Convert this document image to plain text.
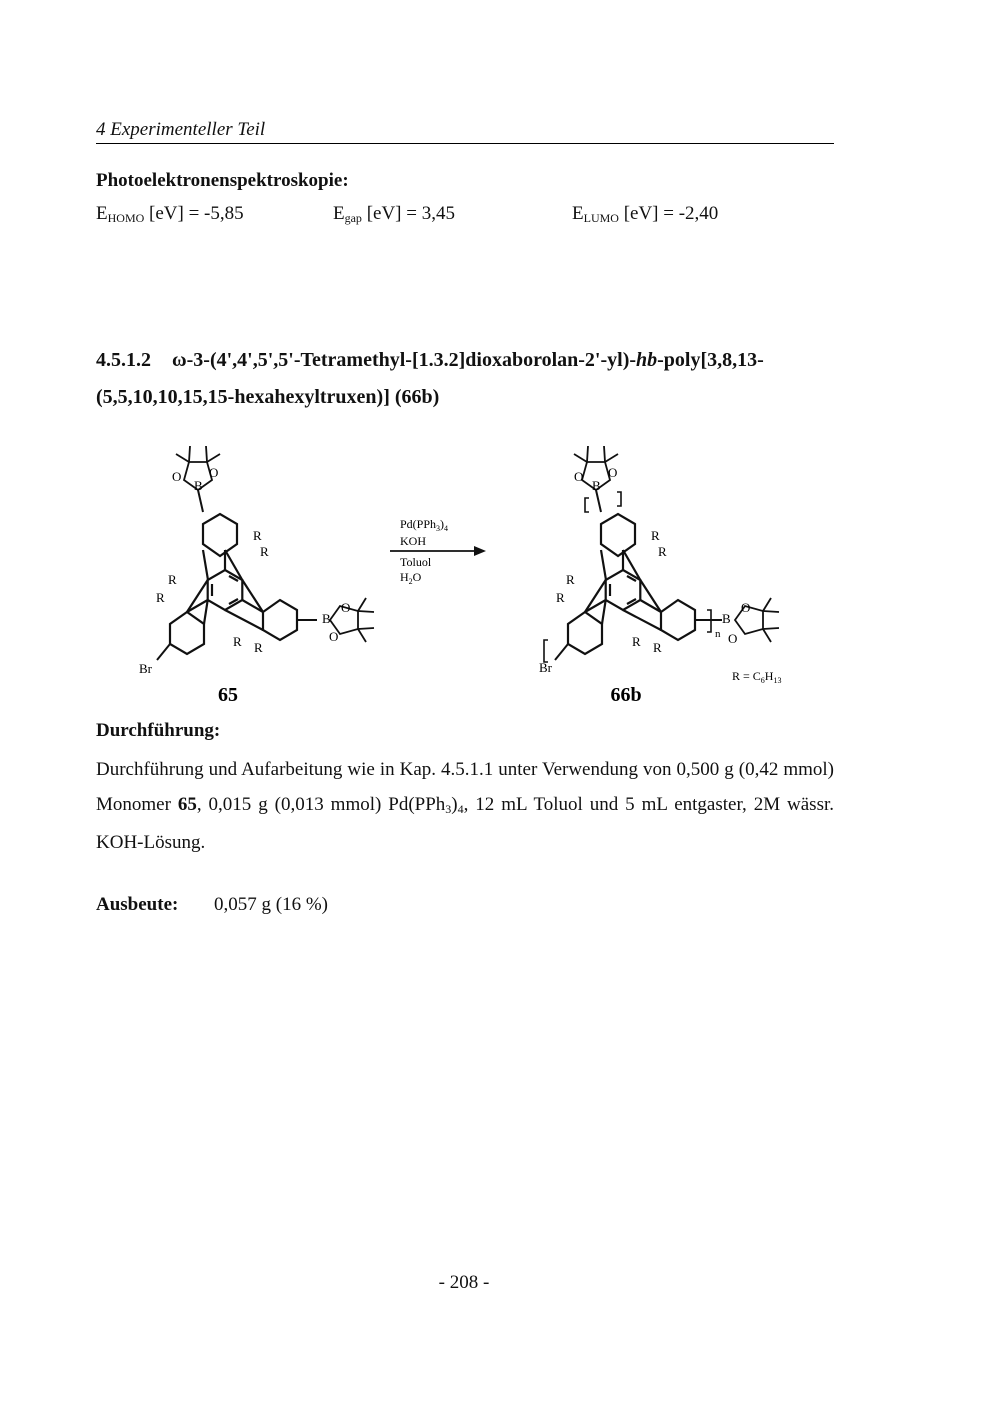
4 Experimenteller Teil
Photoelektronenspektroskopie:
$E_{HOMO}$ [eV] = -5,85	$E_{gap}$ [eV] = 3,45	$E_{LUMO}$ [eV] = -2,40
4.5.1.2 ω-3-(4',4',5',5'-Tetramethyl-[1.3.2]dioxaborolan-2'-yl)-hb-poly[3,8,13-(5,5,10,10,15,15-hexahexyltruxen)] (66b)
B
O O
B
O
O
R
R
R
R
R R
Br
65
$Pd(PPh_3)_4$
KOH
Toluol
$H_2O$
B
O O
B
O
O
n
R
R
R
R
R R
Br
$R = C_6H_{13}$
66b
Durchführung:
Durchführung und Aufarbeitung wie in Kap. 4.5.1.1 unter Verwendung von 0,500 g (0,42 mmol) Monomer 65, 0,015 g (0,013 mmol) $Pd(PPh_3)_4$, 12 mL Toluol und 5 mL entgaster, 2M wässr. KOH-Lösung.
Ausbeute: 0,057 g (16 %)
- 208 -
